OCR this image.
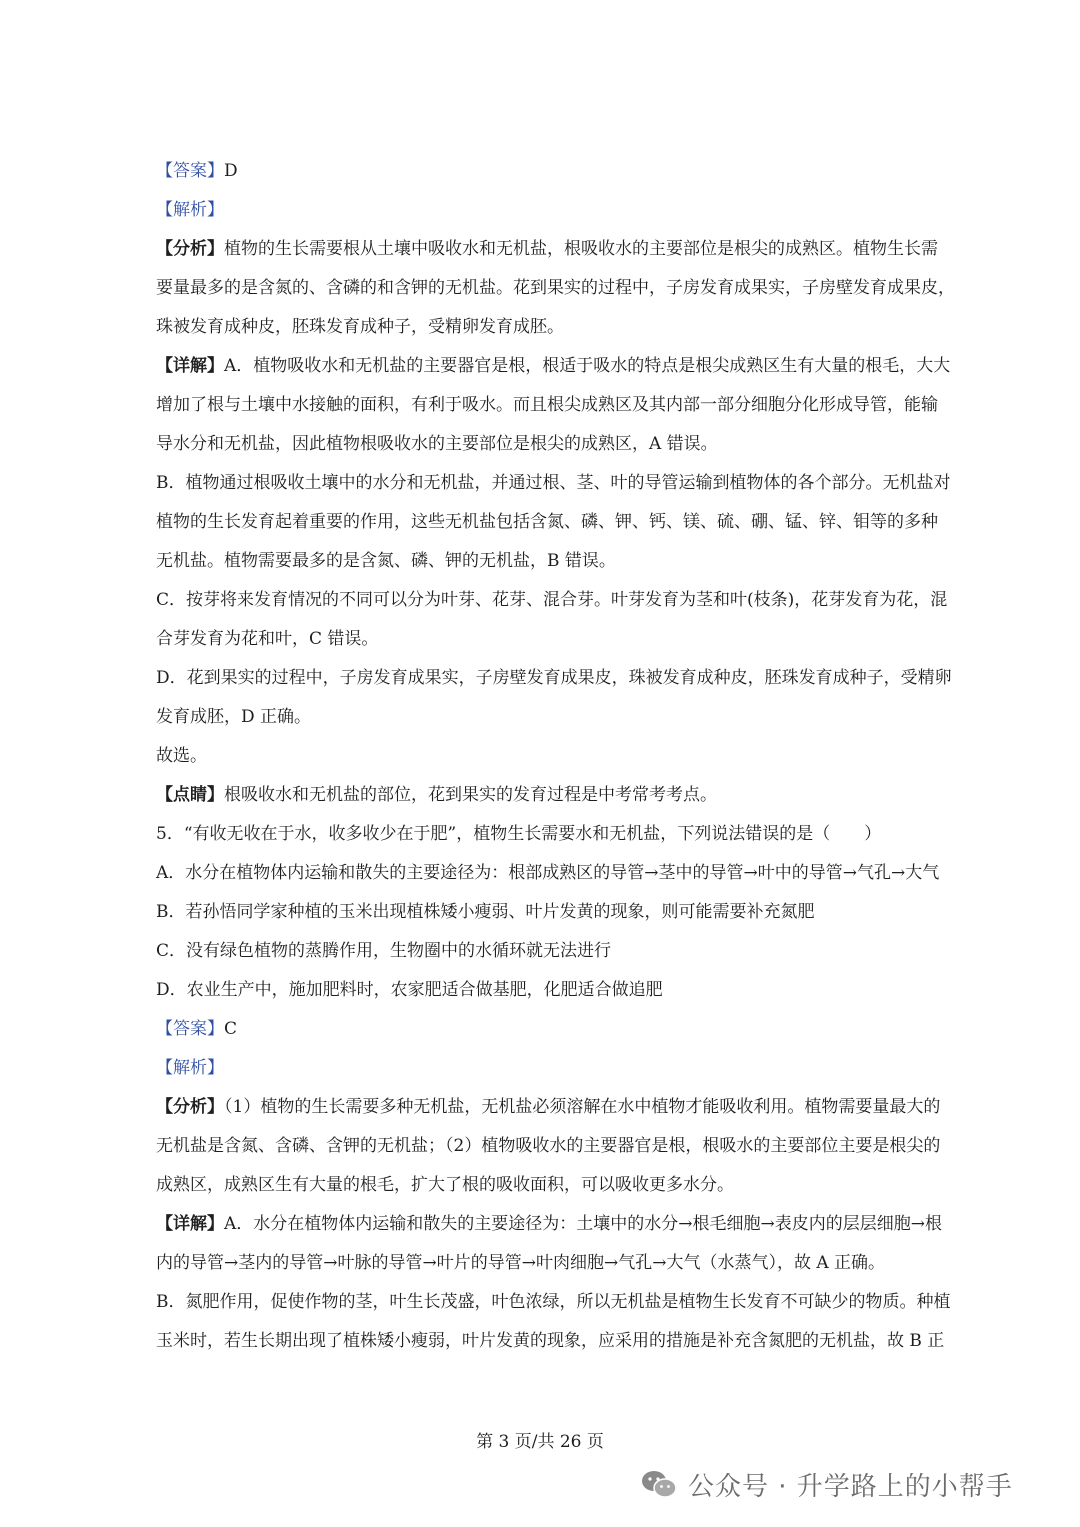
【答案】D
【解析】
【分析】植物的生长需要根从土壤中吸收水和无机盐，根吸收水的主要部位是根尖的成熟区。植物生长需
要量最多的是含氮的、含磷的和含钾的无机盐。花到果实的过程中，子房发育成果实，子房壁发育成果皮，
珠被发育成种皮，胚珠发育成种子，受精卵发育成胚。
【详解】A．植物吸收水和无机盐的主要器官是根，根适于吸水的特点是根尖成熟区生有大量的根毛，大大
增加了根与土壤中水接触的面积，有利于吸水。而且根尖成熟区及其内部一部分细胞分化形成导管，能输
导水分和无机盐，因此植物根吸收水的主要部位是根尖的成熟区，A 错误。
B．植物通过根吸收土壤中的水分和无机盐，并通过根、茎、叶的导管运输到植物体的各个部分。无机盐对
植物的生长发育起着重要的作用，这些无机盐包括含氮、磷、钾、钙、镁、硫、硼、锰、锌、钼等的多种
无机盐。植物需要最多的是含氮、磷、钾的无机盐，B 错误。
C．按芽将来发育情况的不同可以分为叶芽、花芽、混合芽。叶芽发育为茎和叶(枝条)，花芽发育为花，混
合芽发育为花和叶，C 错误。
D．花到果实的过程中，子房发育成果实，子房壁发育成果皮，珠被发育成种皮，胚珠发育成种子，受精卵
发育成胚，D 正确。
故选。
【点睛】根吸收水和无机盐的部位，花到果实的发育过程是中考常考考点。
5．“有收无收在于水，收多收少在于肥”，植物生长需要水和无机盐，下列说法错误的是（　　）
A．水分在植物体内运输和散失的主要途径为：根部成熟区的导管→茎中的导管→叶中的导管→气孔→大气
B．若孙悟同学家种植的玉米出现植株矮小瘦弱、叶片发黄的现象，则可能需要补充氮肥
C．没有绿色植物的蒸腾作用，生物圈中的水循环就无法进行
D．农业生产中，施加肥料时，农家肥适合做基肥，化肥适合做追肥
【答案】C
【解析】
【分析】（1）植物的生长需要多种无机盐，无机盐必须溶解在水中植物才能吸收利用。植物需要量最大的
无机盐是含氮、含磷、含钾的无机盐；（2）植物吸收水的主要器官是根，根吸水的主要部位主要是根尖的
成熟区，成熟区生有大量的根毛，扩大了根的吸收面积，可以吸收更多水分。
【详解】A．水分在植物体内运输和散失的主要途径为：土壤中的水分→根毛细胞→表皮内的层层细胞→根
内的导管→茎内的导管→叶脉的导管→叶片的导管→叶肉细胞→气孔→大气（水蒸气），故 A 正确。
B．氮肥作用，促使作物的茎，叶生长茂盛，叶色浓绿，所以无机盐是植物生长发育不可缺少的物质。种植
玉米时，若生长期出现了植株矮小瘦弱，叶片发黄的现象，应采用的措施是补充含氮肥的无机盐，故 B 正
第 3 页/共 26 页
公众号 · 升学路上的小帮手
